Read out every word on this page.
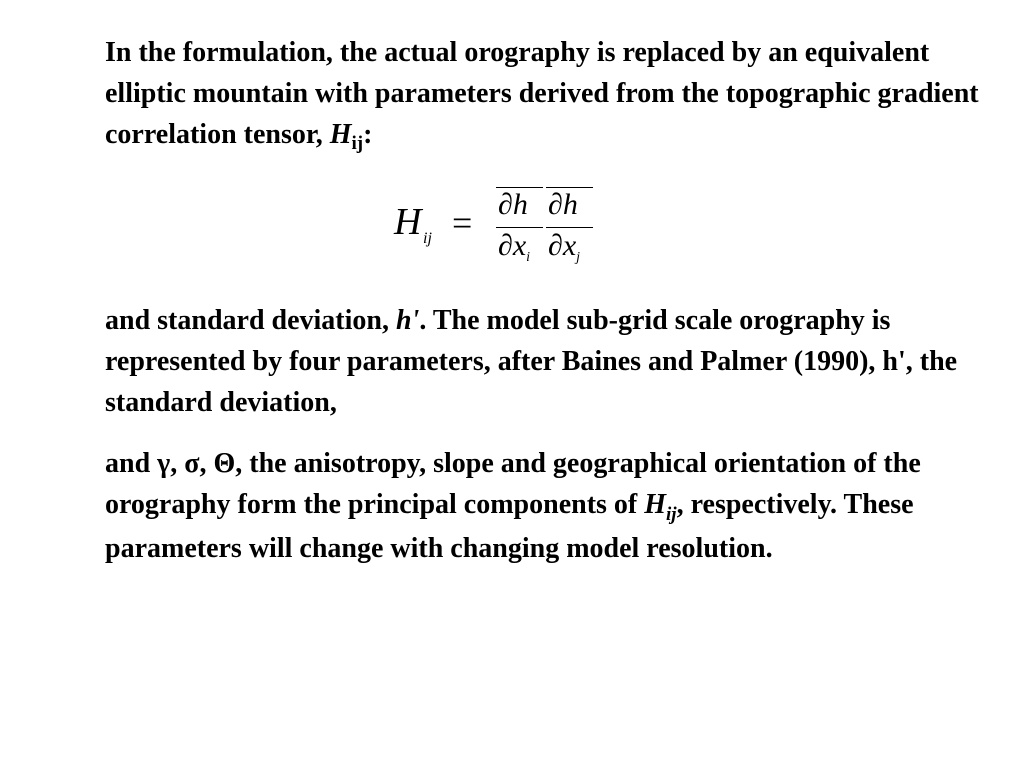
In the formulation, the actual orography is replaced by an equivalent elliptic mountain with parameters derived from the topographic gradient correlation tensor, $H_{ij}$:

H ij = ∂h
$\partial x_i$
∂h
$\partial x_j$

and standard deviation, h'. The model sub-grid scale orography is represented by four parameters, after Baines and Palmer (1990), h', the standard deviation,

and γ, σ, Θ, the anisotropy, slope and geographical orientation of the orography form the principal components of $H_{ij}$, respectively. These parameters will change with changing model resolution.
